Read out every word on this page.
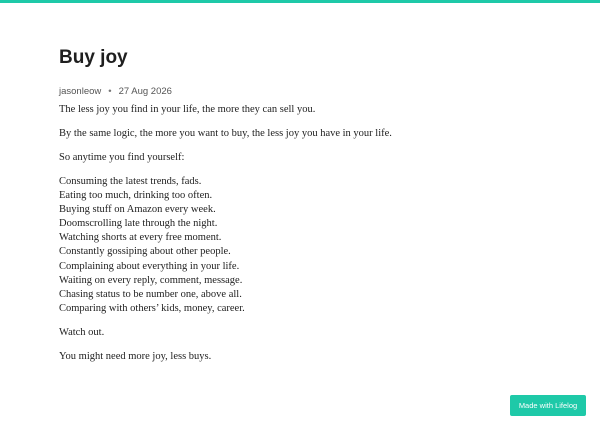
Buy joy
jasonleow • 27 Aug 2026

The less joy you find in your life, the more they can sell you.

By the same logic, the more you want to buy, the less joy you have in your life.

So anytime you find yourself:

Consuming the latest trends, fads.
Eating too much, drinking too often.
Buying stuff on Amazon every week.
Doomscrolling late through the night.
Watching shorts at every free moment.
Constantly gossiping about other people.
Complaining about everything in your life.
Waiting on every reply, comment, message.
Chasing status to be number one, above all.
Comparing with others’ kids, money, career.

Watch out.

You might need more joy, less buys.

Made with Lifelog
